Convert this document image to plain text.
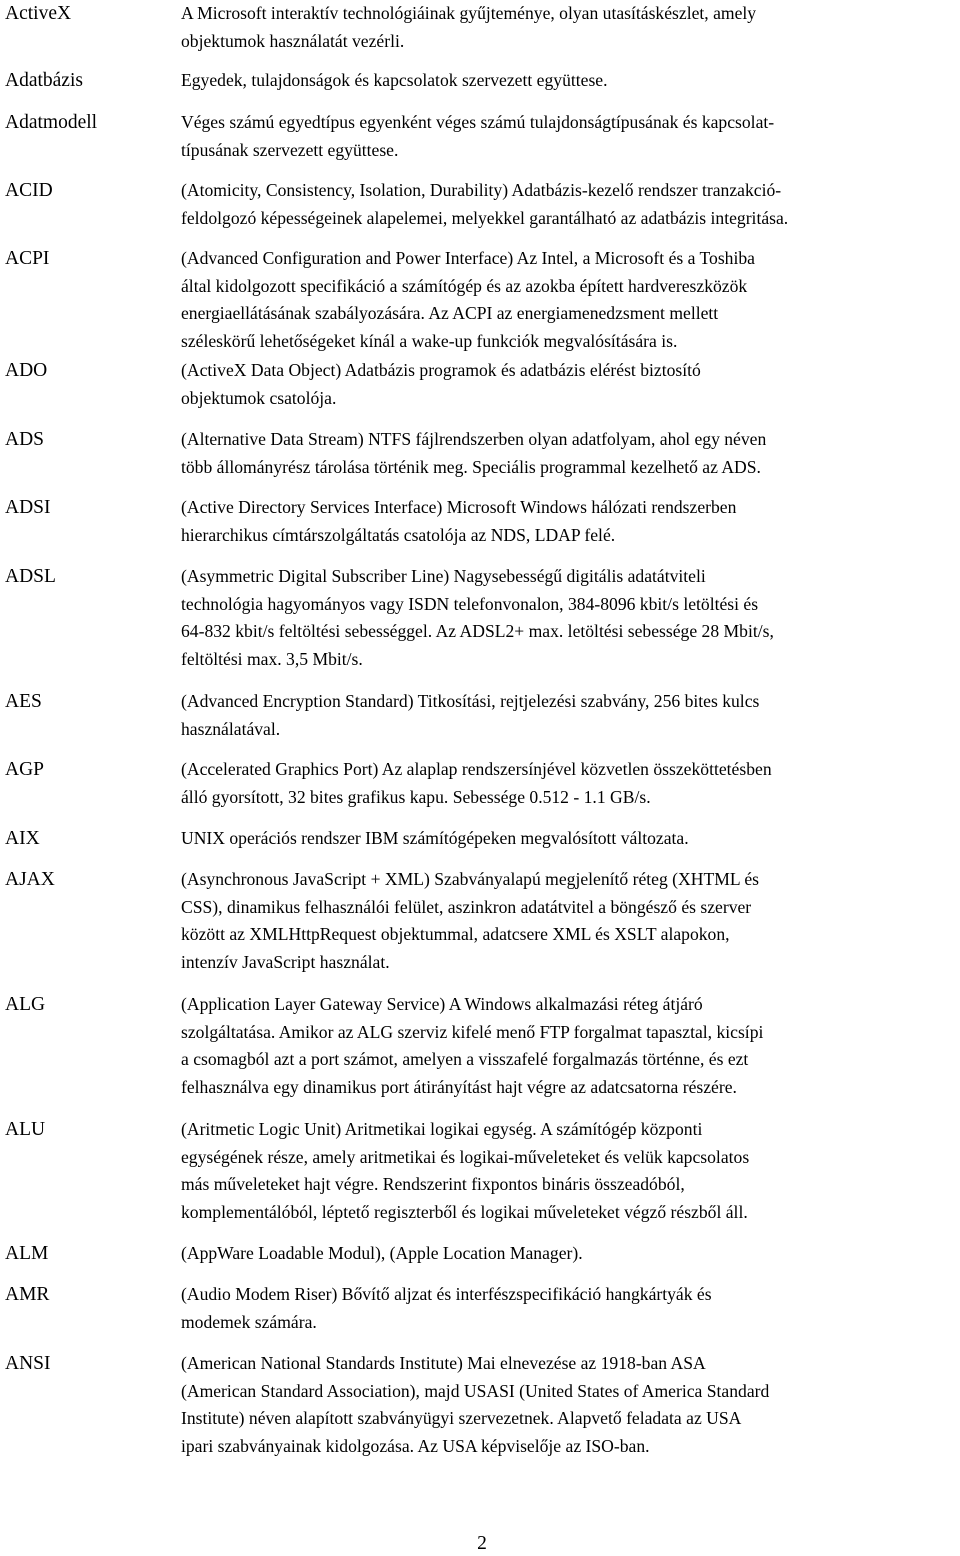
ActiveX	A Microsoft interaktív technológiáinak gyűjteménye, olyan utasításkészlet, amely
objektumok használatát vezérli.
Adatbázis	Egyedek, tulajdonságok és kapcsolatok szervezett együttese.
Adatmodell	Véges számú egyedtípus egyenként véges számú tulajdonságtípusának és kapcsolat-
típusának szervezett együttese.
ACID	(Atomicity, Consistency, Isolation, Durability) Adatbázis-kezelő rendszer tranzakció-
feldolgozó képességeinek alapelemei, melyekkel garantálható az adatbázis integritása.
ACPI	(Advanced Configuration and Power Interface) Az Intel, a Microsoft és a Toshiba
által kidolgozott specifikáció a számítógép és az azokba épített hardvereszközök
energiaellátásának szabályozására. Az ACPI az energiamenedzsment mellett
széleskörű lehetőségeket kínál a wake-up funkciók megvalósítására is.
ADO	(ActiveX Data Object) Adatbázis programok és adatbázis elérést biztosító
objektumok csatolója.
ADS	(Alternative Data Stream) NTFS fájlrendszerben olyan adatfolyam, ahol egy néven
több állományrész tárolása történik meg. Speciális programmal kezelhető az ADS.
ADSI	(Active Directory Services Interface) Microsoft Windows hálózati rendszerben
hierarchikus címtárszolgáltatás csatolója az NDS, LDAP felé.
ADSL	(Asymmetric Digital Subscriber Line) Nagysebességű digitális adatátviteli
technológia hagyományos vagy ISDN telefonvonalon, 384-8096 kbit/s letöltési és
64-832 kbit/s feltöltési sebességgel. Az ADSL2+ max. letöltési sebessége 28 Mbit/s,
feltöltési max. 3,5 Mbit/s.
AES	(Advanced Encryption Standard) Titkosítási, rejtjelezési szabvány, 256 bites kulcs
használatával.
AGP	(Accelerated Graphics Port) Az alaplap rendszersínjével közvetlen összeköttetésben
álló gyorsított, 32 bites grafikus kapu. Sebessége 0.512 - 1.1 GB/s.
AIX	UNIX operációs rendszer IBM számítógépeken megvalósított változata.
AJAX	(Asynchronous JavaScript + XML) Szabványalapú megjelenítő réteg (XHTML és
CSS), dinamikus felhasználói felület, aszinkron adatátvitel a böngésző és szerver
között az XMLHttpRequest objektummal, adatcsere XML és XSLT alapokon,
intenzív JavaScript használat.
ALG	(Application Layer Gateway Service) A Windows alkalmazási réteg átjáró
szolgáltatása. Amikor az ALG szerviz kifelé menő FTP forgalmat tapasztal, kicsípi
a csomagból azt a port számot, amelyen a visszafelé forgalmazás történne, és ezt
felhasználva egy dinamikus port átirányítást hajt végre az adatcsatorna részére.
ALU	(Aritmetic Logic Unit) Aritmetikai logikai egység. A számítógép központi
egységének része, amely aritmetikai és logikai-műveleteket és velük kapcsolatos
más műveleteket hajt végre. Rendszerint fixpontos bináris összeadóból,
komplementálóból, léptető regiszterből és logikai műveleteket végző részből áll.
ALM	(AppWare Loadable Modul), (Apple Location Manager).
AMR	(Audio Modem Riser) Bővítő aljzat és interfészspecifikáció hangkártyák és
modemek számára.
ANSI	(American National Standards Institute) Mai elnevezése az 1918-ban ASA
(American Standard Association), majd USASI (United States of America Standard
Institute) néven alapított szabványügyi szervezetnek. Alapvető feladata az USA
ipari szabványainak kidolgozása. Az USA képviselője az ISO-ban.
2
